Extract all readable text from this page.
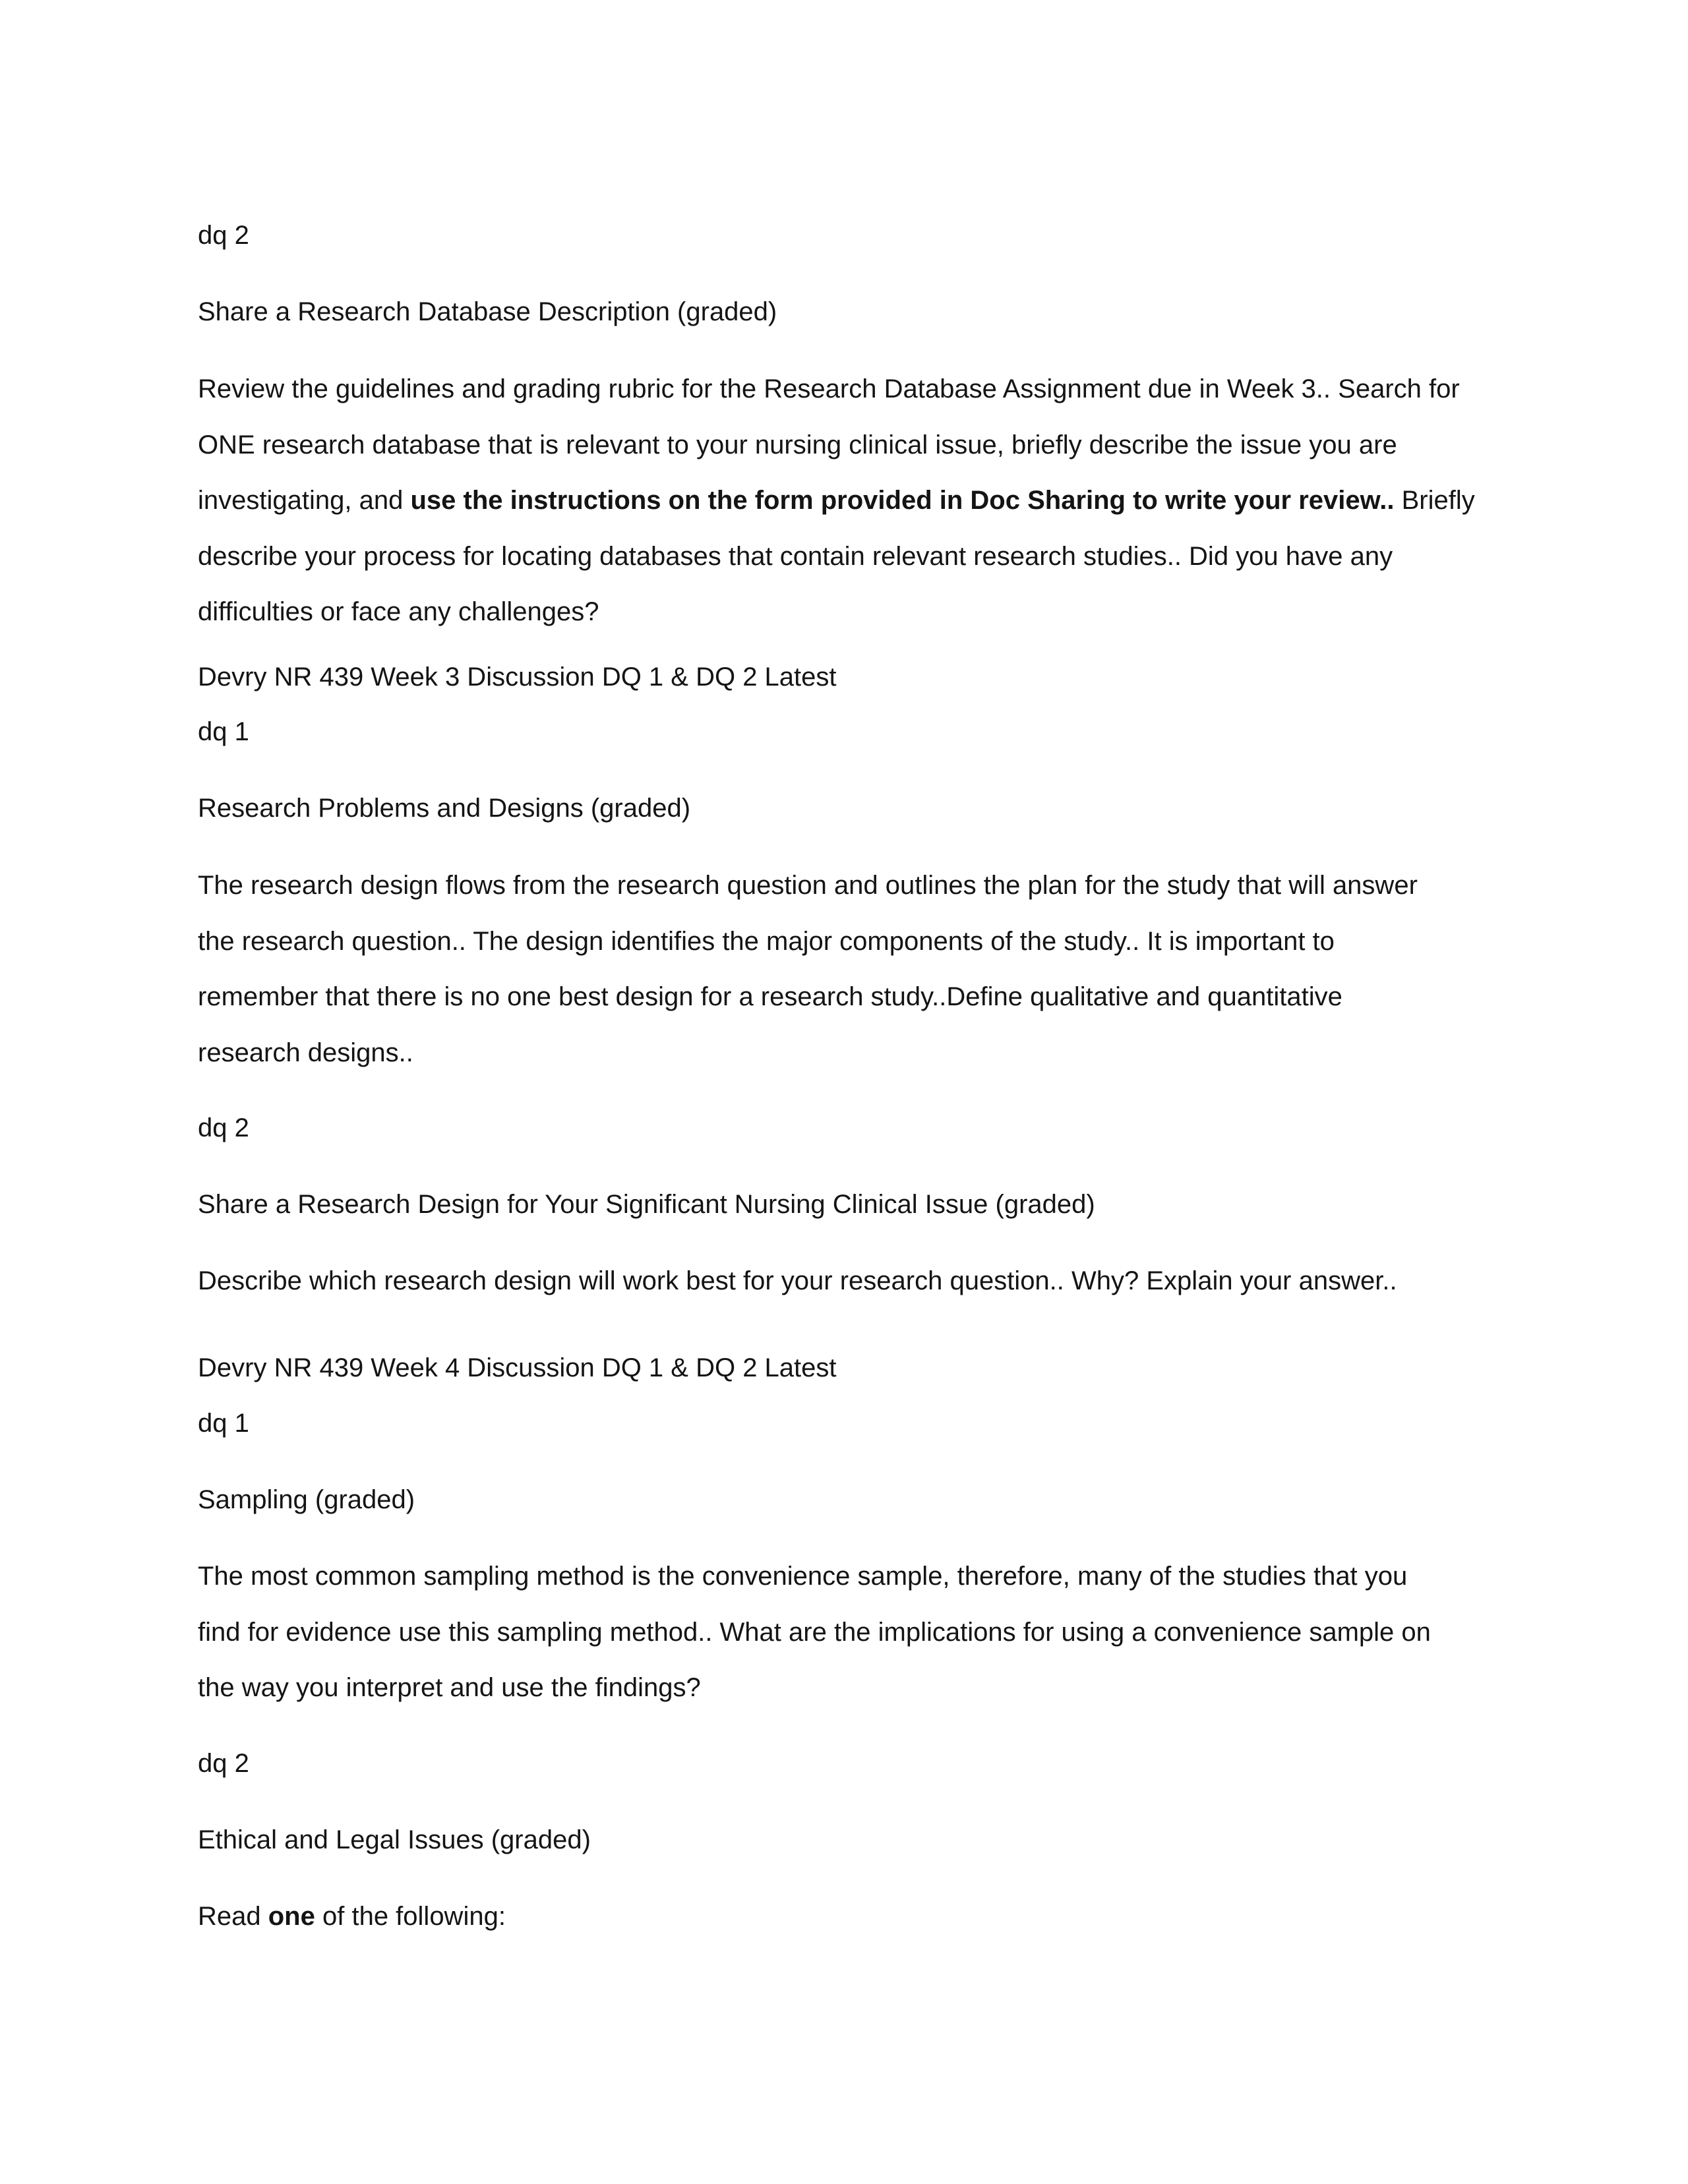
dq 2
Share a Research Database Description (graded)
Review the guidelines and grading rubric for the Research Database Assignment due in Week 3.. Search for
ONE research database that is relevant to your nursing clinical issue, briefly describe the issue you are
investigating, and use the instructions on the form provided in Doc Sharing to write your review.. Briefly
describe your process for locating databases that contain relevant research studies.. Did you have any
difficulties or face any challenges?
Devry NR 439 Week 3 Discussion DQ 1 & DQ 2 Latest
dq 1
Research Problems and Designs (graded)
The research design flows from the research question and outlines the plan for the study that will answer
the research question.. The design identifies the major components of the study.. It is important to
remember that there is no one best design for a research study..Define qualitative and quantitative
research designs..
dq 2
Share a Research Design for Your Significant Nursing Clinical Issue (graded)
Describe which research design will work best for your research question.. Why? Explain your answer..
Devry NR 439 Week 4 Discussion DQ 1 & DQ 2 Latest
dq 1
Sampling (graded)
The most common sampling method is the convenience sample, therefore, many of the studies that you
find for evidence use this sampling method.. What are the implications for using a convenience sample on
the way you interpret and use the findings?
dq 2
Ethical and Legal Issues (graded)
Read one of the following:
